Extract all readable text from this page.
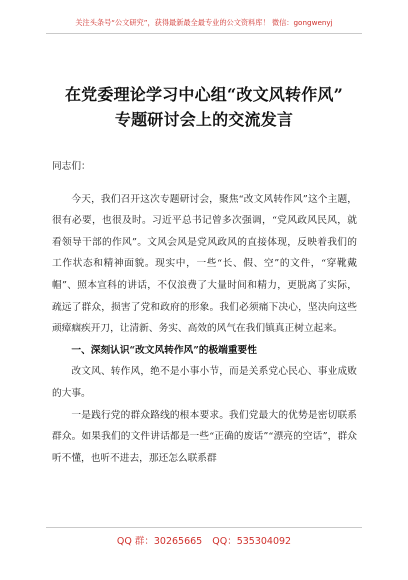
关注头条号“公文研究”，获得最新最全最专业的公文资料库！ 微信：gongwenyj
在党委理论学习中心组“改文风转作风”
专题研讨会上的交流发言

同志们：

今天，我们召开这次专题研讨会，聚焦“改文风转作风”这个主题，很有必要，也很及时。习近平总书记曾多次强调，“党风政风民风，就看领导干部的作风”。文风会风是党风政风的直接体现，反映着我们的工作状态和精神面貌。现实中，一些“长、假、空”的文件，“穿靴戴帽”、照本宣科的讲话，不仅浪费了大量时间和精力，更脱离了实际，疏远了群众，损害了党和政府的形象。我们必须痛下决心，坚决向这些顽瘴痼疾开刀，让清新、务实、高效的风气在我们镇真正树立起来。

一、深刻认识“改文风转作风”的极端重要性

改文风、转作风，绝不是小事小节，而是关系党心民心、事业成败的大事。

一是践行党的群众路线的根本要求。我们党最大的优势是密切联系群众。如果我们的文件讲话都是一些“正确的废话”“漂亮的空话”，群众听不懂，也听不进去，那还怎么联系群

QQ 群：30265665 QQ：535304092
